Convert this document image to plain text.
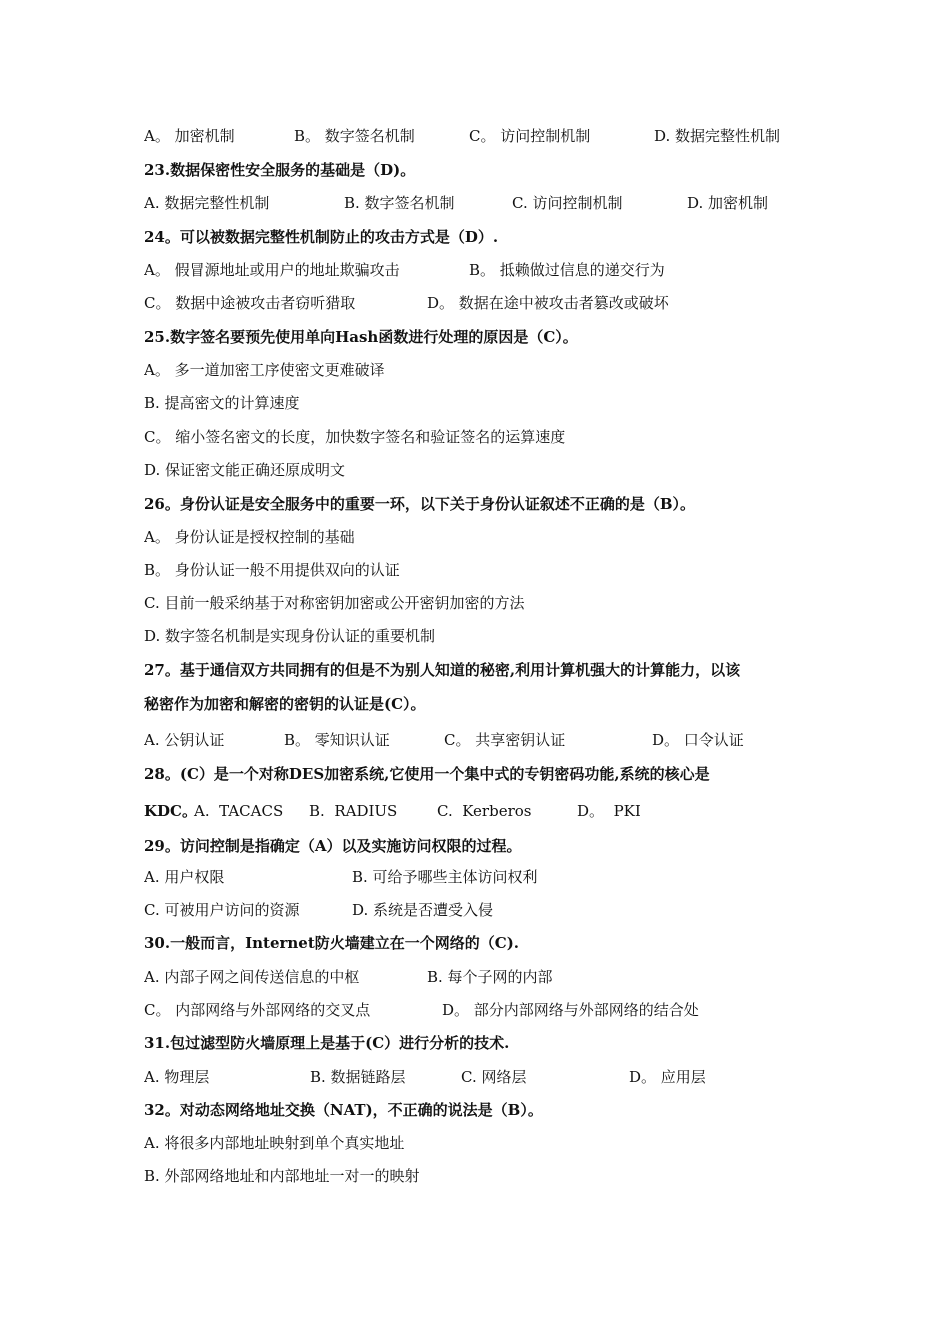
A。 加密机制	B。 数字签名机制	C。 访问控制机制	D. 数据完整性机制
23.数据保密性安全服务的基础是（D)。
A. 数据完整性机制	B. 数字签名机制	C. 访问控制机制	D. 加密机制
24。可以被数据完整性机制防止的攻击方式是（D）.
A。 假冒源地址或用户的地址欺骗攻击	B。 抵赖做过信息的递交行为
C。 数据中途被攻击者窃听猎取	D。 数据在途中被攻击者篡改或破坏
25.数字签名要预先使用单向Hash函数进行处理的原因是（C）。
A。 多一道加密工序使密文更难破译
B. 提高密文的计算速度
C。 缩小签名密文的长度，加快数字签名和验证签名的运算速度
D. 保证密文能正确还原成明文
26。身份认证是安全服务中的重要一环，以下关于身份认证叙述不正确的是（B）。
A。 身份认证是授权控制的基础
B。 身份认证一般不用提供双向的认证
C. 目前一般采纳基于对称密钥加密或公开密钥加密的方法
D. 数字签名机制是实现身份认证的重要机制
27。基于通信双方共同拥有的但是不为别人知道的秘密,利用计算机强大的计算能力，以该
秘密作为加密和解密的密钥的认证是(C）。
A. 公钥认证	B。 零知识认证	C。 共享密钥认证	D。 口令认证
28。(C）是一个对称DES加密系统,它使用一个集中式的专钥密码功能,系统的核心是
KDC。
A.  TACACS B.  RADIUS	C.  Kerberos	D。  PKI
29。访问控制是指确定（A）以及实施访问权限的过程。
A. 用户权限	B. 可给予哪些主体访问权利
C. 可被用户访问的资源	D. 系统是否遭受入侵
30.一般而言，Internet防火墙建立在一个网络的（C).
A. 内部子网之间传送信息的中枢	B. 每个子网的内部
C。 内部网络与外部网络的交叉点	D。 部分内部网络与外部网络的结合处
31.包过滤型防火墙原理上是基于(C）进行分析的技术.
A. 物理层	B. 数据链路层	C. 网络层	D。 应用层
32。对动态网络地址交换（NAT)，不正确的说法是（B）。
A. 将很多内部地址映射到单个真实地址
B. 外部网络地址和内部地址一对一的映射
